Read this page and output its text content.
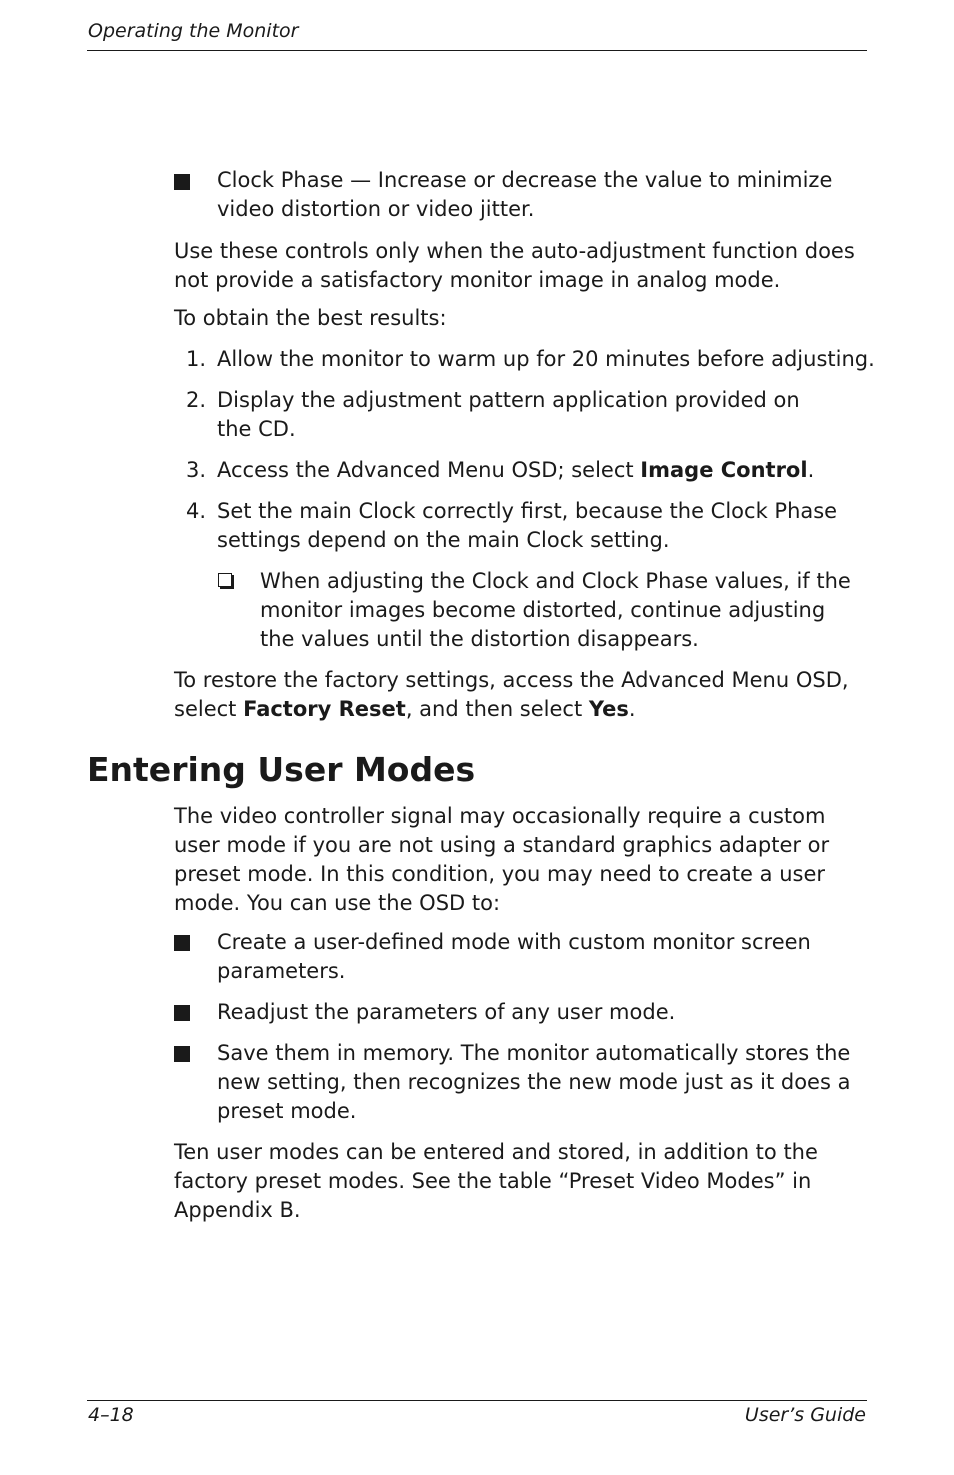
Operating the Monitor
Clock Phase — Increase or decrease the value to minimize video distortion or video jitter.

Use these controls only when the auto-adjustment function does not provide a satisfactory monitor image in analog mode.

To obtain the best results:

1. Allow the monitor to warm up for 20 minutes before adjusting.
2. Display the adjustment pattern application provided on the CD.
3. Access the Advanced Menu OSD; select Image Control.
4. Set the main Clock correctly first, because the Clock Phase settings depend on the main Clock setting.
When adjusting the Clock and Clock Phase values, if the monitor images become distorted, continue adjusting the values until the distortion disappears.

To restore the factory settings, access the Advanced Menu OSD, select Factory Reset, and then select Yes.

Entering User Modes

The video controller signal may occasionally require a custom user mode if you are not using a standard graphics adapter or preset mode. In this condition, you may need to create a user mode. You can use the OSD to:

Create a user-defined mode with custom monitor screen parameters.
Readjust the parameters of any user mode.
Save them in memory. The monitor automatically stores the new setting, then recognizes the new mode just as it does a preset mode.

Ten user modes can be entered and stored, in addition to the factory preset modes. See the table “Preset Video Modes” in Appendix B.

4–18	User’s Guide
